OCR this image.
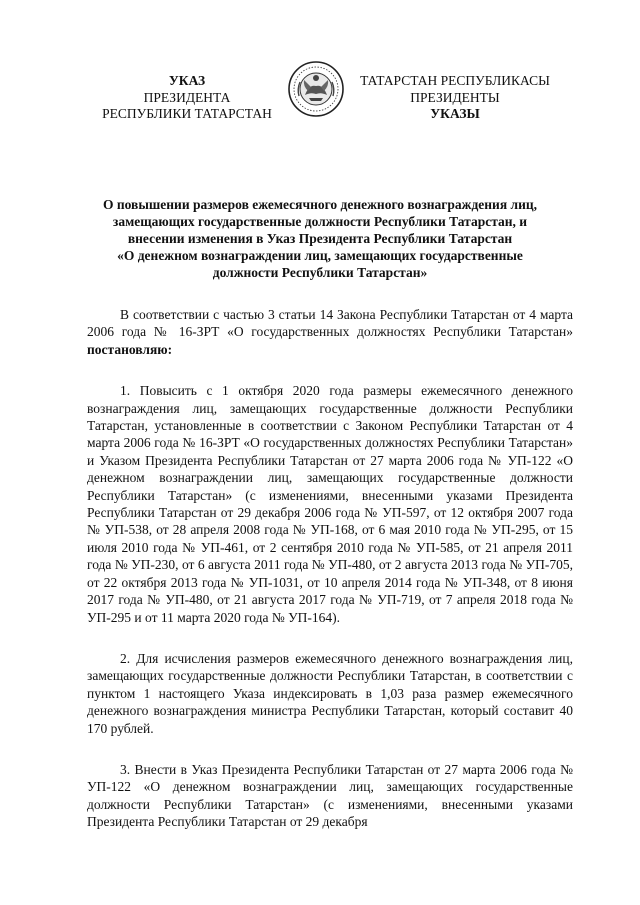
УКАЗ
ПРЕЗИДЕНТА
РЕСПУБЛИКИ ТАТАРСТАН
ТАТАРСТАН РЕСПУБЛИКАСЫ
ПРЕЗИДЕНТЫ
УКАЗЫ
О повышении размеров ежемесячного денежного вознаграждения лиц,
замещающих государственные должности Республики Татарстан, и
внесении изменения в Указ Президента Республики Татарстан
«О денежном вознаграждении лиц, замещающих государственные
должности Республики Татарстан»

В соответствии с частью 3 статьи 14 Закона Республики Татарстан от 4 марта 2006 года № 16-ЗРТ «О государственных должностях Республики Татарстан» постановляю:

1. Повысить с 1 октября 2020 года размеры ежемесячного денежного вознаграждения лиц, замещающих государственные должности Республики Татарстан, установленные в соответствии с Законом Республики Татарстан от 4 марта 2006 года № 16-ЗРТ «О государственных должностях Республики Татарстан» и Указом Президента Республики Татарстан от 27 марта 2006 года № УП-122 «О денежном вознаграждении лиц, замещающих государственные должности Республики Татарстан» (с изменениями, внесенными указами Президента Республики Татарстан от 29 декабря 2006 года № УП-597, от 12 октября 2007 года № УП-538, от 28 апреля 2008 года № УП-168, от 6 мая 2010 года № УП-295, от 15 июля 2010 года № УП-461, от 2 сентября 2010 года № УП-585, от 21 апреля 2011 года № УП-230, от 6 августа 2011 года № УП-480, от 2 августа 2013 года № УП-705, от 22 октября 2013 года № УП-1031, от 10 апреля 2014 года № УП-348, от 8 июня 2017 года № УП-480, от 21 августа 2017 года № УП-719, от 7 апреля 2018 года № УП-295 и от 11 марта 2020 года № УП-164).

2. Для исчисления размеров ежемесячного денежного вознаграждения лиц, замещающих государственные должности Республики Татарстан, в соответствии с пунктом 1 настоящего Указа индексировать в 1,03 раза размер ежемесячного денежного вознаграждения министра Республики Татарстан, который составит 40 170 рублей.

3. Внести в Указ Президента Республики Татарстан от 27 марта 2006 года № УП-122 «О денежном вознаграждении лиц, замещающих государственные должности Республики Татарстан» (с изменениями, внесенными указами Президента Республики Татарстан от 29 декабря
